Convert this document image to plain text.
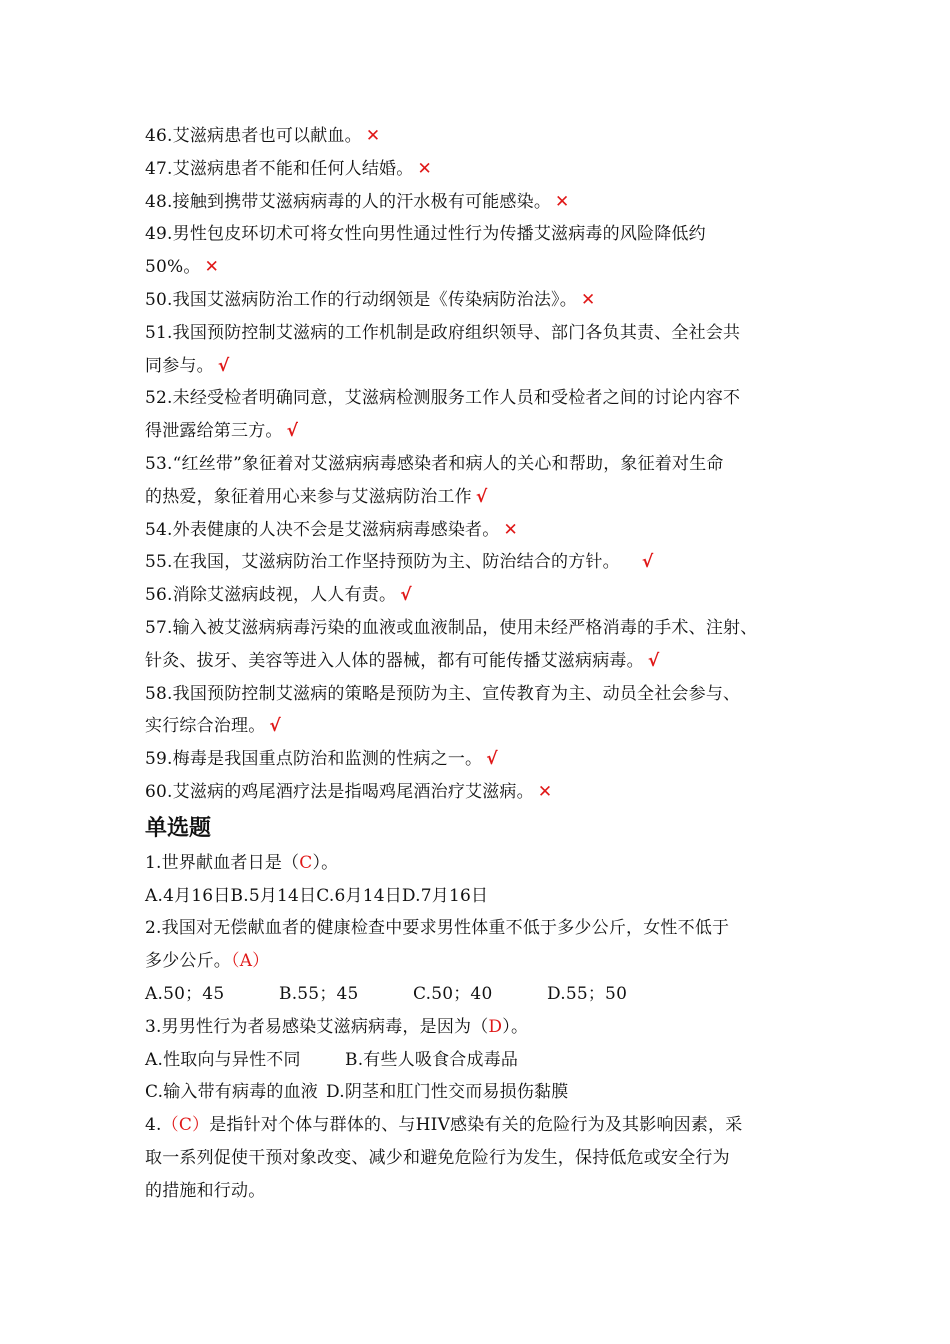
46.艾滋病患者也可以献血。 ✕
47.艾滋病患者不能和任何人结婚。 ✕
48.接触到携带艾滋病病毒的人的汗水极有可能感染。 ✕
49.男性包皮环切术可将女性向男性通过性行为传播艾滋病毒的风险降低约
50%。 ✕
50.我国艾滋病防治工作的行动纲领是《传染病防治法》。 ✕
51.我国预防控制艾滋病的工作机制是政府组织领导、部门各负其责、全社会共
同参与。 √
52.未经受检者明确同意，艾滋病检测服务工作人员和受检者之间的讨论内容不
得泄露给第三方。 √
53.“红丝带”象征着对艾滋病病毒感染者和病人的关心和帮助，象征着对生命
的热爱，象征着用心来参与艾滋病防治工作 √
54.外表健康的人决不会是艾滋病病毒感染者。 ✕
55.在我国，艾滋病防治工作坚持预防为主、防治结合的方针。 √
56.消除艾滋病歧视，人人有责。 √
57.输入被艾滋病病毒污染的血液或血液制品，使用未经严格消毒的手术、注射、
针灸、拔牙、美容等进入人体的器械，都有可能传播艾滋病病毒。 √
58.我国预防控制艾滋病的策略是预防为主、宣传教育为主、动员全社会参与、
实行综合治理。 √
59.梅毒是我国重点防治和监测的性病之一。 √
60.艾滋病的鸡尾酒疗法是指喝鸡尾酒治疗艾滋病。 ✕
单选题
1.世界献血者日是（C）。
A.4月16日B.5月14日C.6月14日D.7月16日
2.我国对无偿献血者的健康检查中要求男性体重不低于多少公斤，女性不低于
多少公斤。（A）
A.50；45	B.55；45	C.50；40	D.55；50
3.男男性行为者易感染艾滋病病毒，是因为（D）。
A.性取向与异性不同	B.有些人吸食合成毒品
C.输入带有病毒的血液 D.阴茎和肛门性交而易损伤黏膜
4.（C）是指针对个体与群体的、与HIV感染有关的危险行为及其影响因素，采
取一系列促使干预对象改变、减少和避免危险行为发生，保持低危或安全行为
的措施和行动。
